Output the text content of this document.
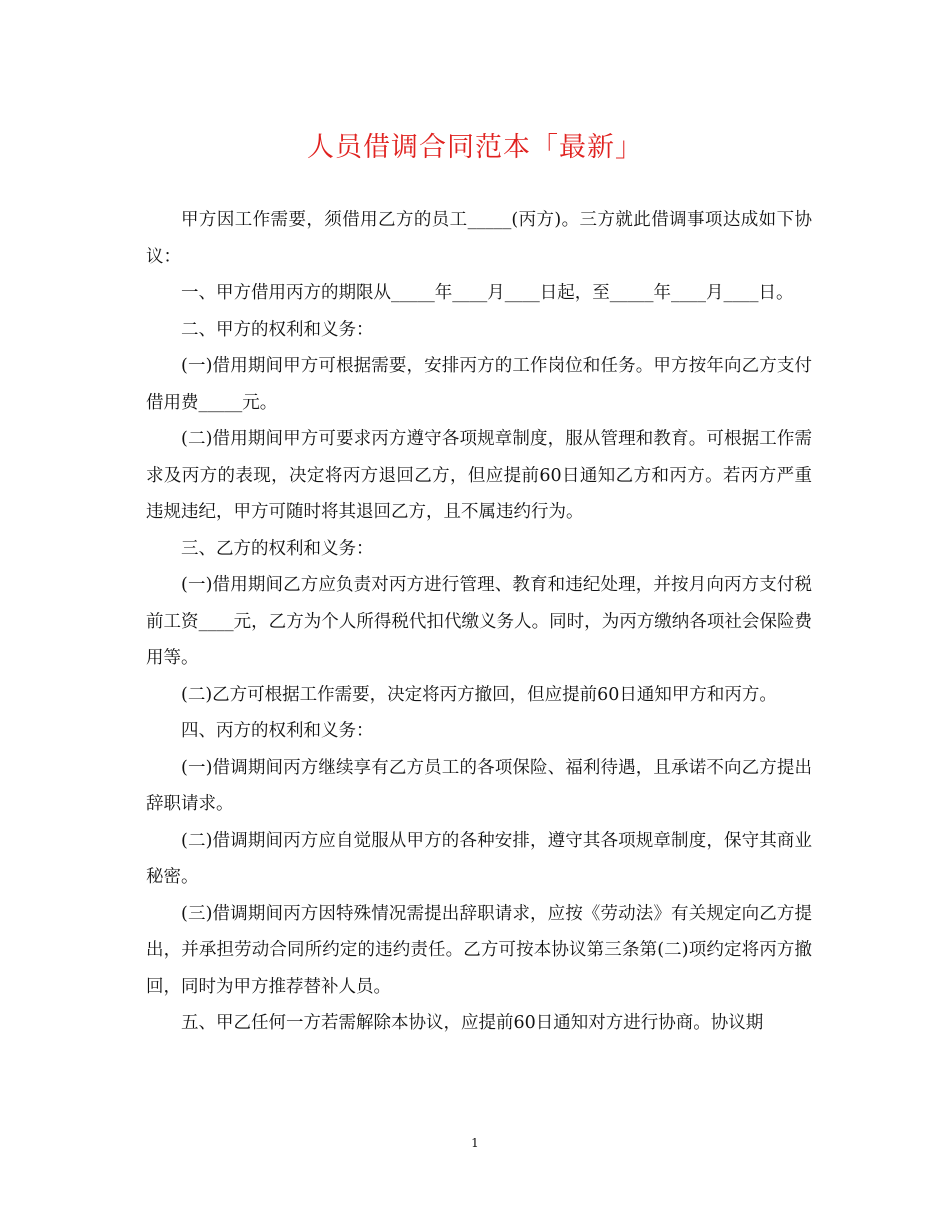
人员借调合同范本「最新」

甲方因工作需要，须借用乙方的员工_____(丙方)。三方就此借调事项达成如下协议：

一、甲方借用丙方的期限从_____年____月____日起，至_____年____月____日。

二、甲方的权利和义务：

(一)借用期间甲方可根据需要，安排丙方的工作岗位和任务。甲方按年向乙方支付借用费_____元。

(二)借用期间甲方可要求丙方遵守各项规章制度，服从管理和教育。可根据工作需求及丙方的表现，决定将丙方退回乙方，但应提前60日通知乙方和丙方。若丙方严重违规违纪，甲方可随时将其退回乙方，且不属违约行为。

三、乙方的权利和义务：

(一)借用期间乙方应负责对丙方进行管理、教育和违纪处理，并按月向丙方支付税前工资____元，乙方为个人所得税代扣代缴义务人。同时，为丙方缴纳各项社会保险费用等。

(二)乙方可根据工作需要，决定将丙方撤回，但应提前60日通知甲方和丙方。

四、丙方的权利和义务：

(一)借调期间丙方继续享有乙方员工的各项保险、福利待遇，且承诺不向乙方提出辞职请求。

(二)借调期间丙方应自觉服从甲方的各种安排，遵守其各项规章制度，保守其商业秘密。

(三)借调期间丙方因特殊情况需提出辞职请求，应按《劳动法》有关规定向乙方提出，并承担劳动合同所约定的违约责任。乙方可按本协议第三条第(二)项约定将丙方撤回，同时为甲方推荐替补人员。

五、甲乙任何一方若需解除本协议，应提前60日通知对方进行协商。协议期

1
